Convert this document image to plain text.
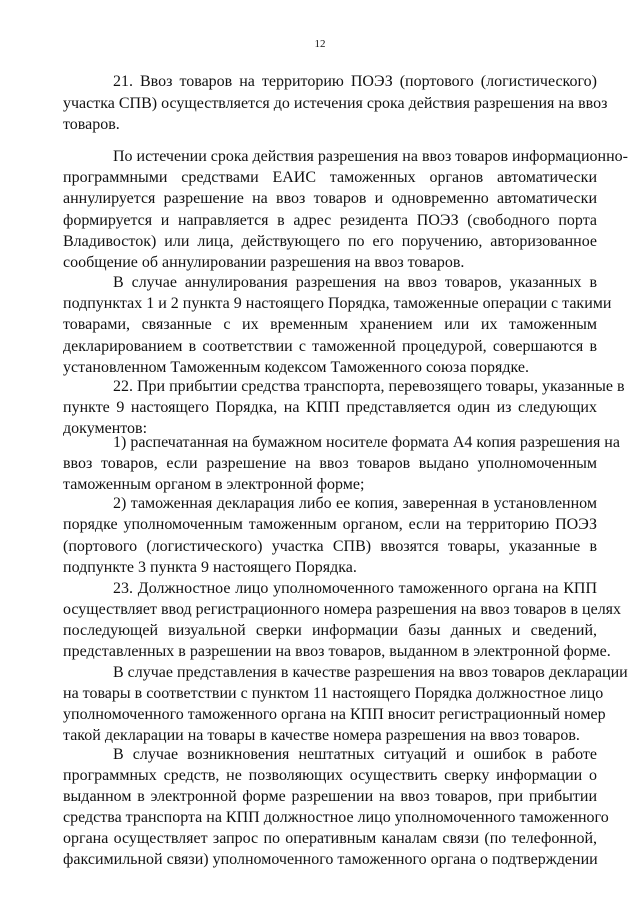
12
21. Ввоз товаров на территорию ПОЭЗ (портового (логистического)
участка СПВ) осуществляется до истечения срока действия разрешения на ввоз
товаров.
По истечении срока действия разрешения на ввоз товаров информационно-
программными средствами ЕАИС таможенных органов автоматически
аннулируется разрешение на ввоз товаров и одновременно автоматически
формируется и направляется в адрес резидента ПОЭЗ (свободного порта
Владивосток) или лица, действующего по его поручению, авторизованное
сообщение об аннулировании разрешения на ввоз товаров.
В случае аннулирования разрешения на ввоз товаров, указанных в
подпунктах 1 и 2 пункта 9 настоящего Порядка, таможенные операции с такими
товарами, связанные с их временным хранением или их таможенным
декларированием в соответствии с таможенной процедурой, совершаются в
установленном Таможенным кодексом Таможенного союза порядке.
22. При прибытии средства транспорта, перевозящего товары, указанные в
пункте 9 настоящего Порядка, на КПП представляется один из следующих
документов:
1) распечатанная на бумажном носителе формата А4 копия разрешения на
ввоз товаров, если разрешение на ввоз товаров выдано уполномоченным
таможенным органом в электронной форме;
2) таможенная декларация либо ее копия, заверенная в установленном
порядке уполномоченным таможенным органом, если на территорию ПОЭЗ
(портового (логистического) участка СПВ) ввозятся товары, указанные в
подпункте 3 пункта 9 настоящего Порядка.
23. Должностное лицо уполномоченного таможенного органа на КПП
осуществляет ввод регистрационного номера разрешения на ввоз товаров в целях
последующей визуальной сверки информации базы данных и сведений,
представленных в разрешении на ввоз товаров, выданном в электронной форме.
В случае представления в качестве разрешения на ввоз товаров декларации
на товары в соответствии с пунктом 11 настоящего Порядка должностное лицо
уполномоченного таможенного органа на КПП вносит регистрационный номер
такой декларации на товары в качестве номера разрешения на ввоз товаров.
В случае возникновения нештатных ситуаций и ошибок в работе
программных средств, не позволяющих осуществить сверку информации о
выданном в электронной форме разрешении на ввоз товаров, при прибытии
средства транспорта на КПП должностное лицо уполномоченного таможенного
органа осуществляет запрос по оперативным каналам связи (по телефонной,
факсимильной связи) уполномоченного таможенного органа о подтверждении
